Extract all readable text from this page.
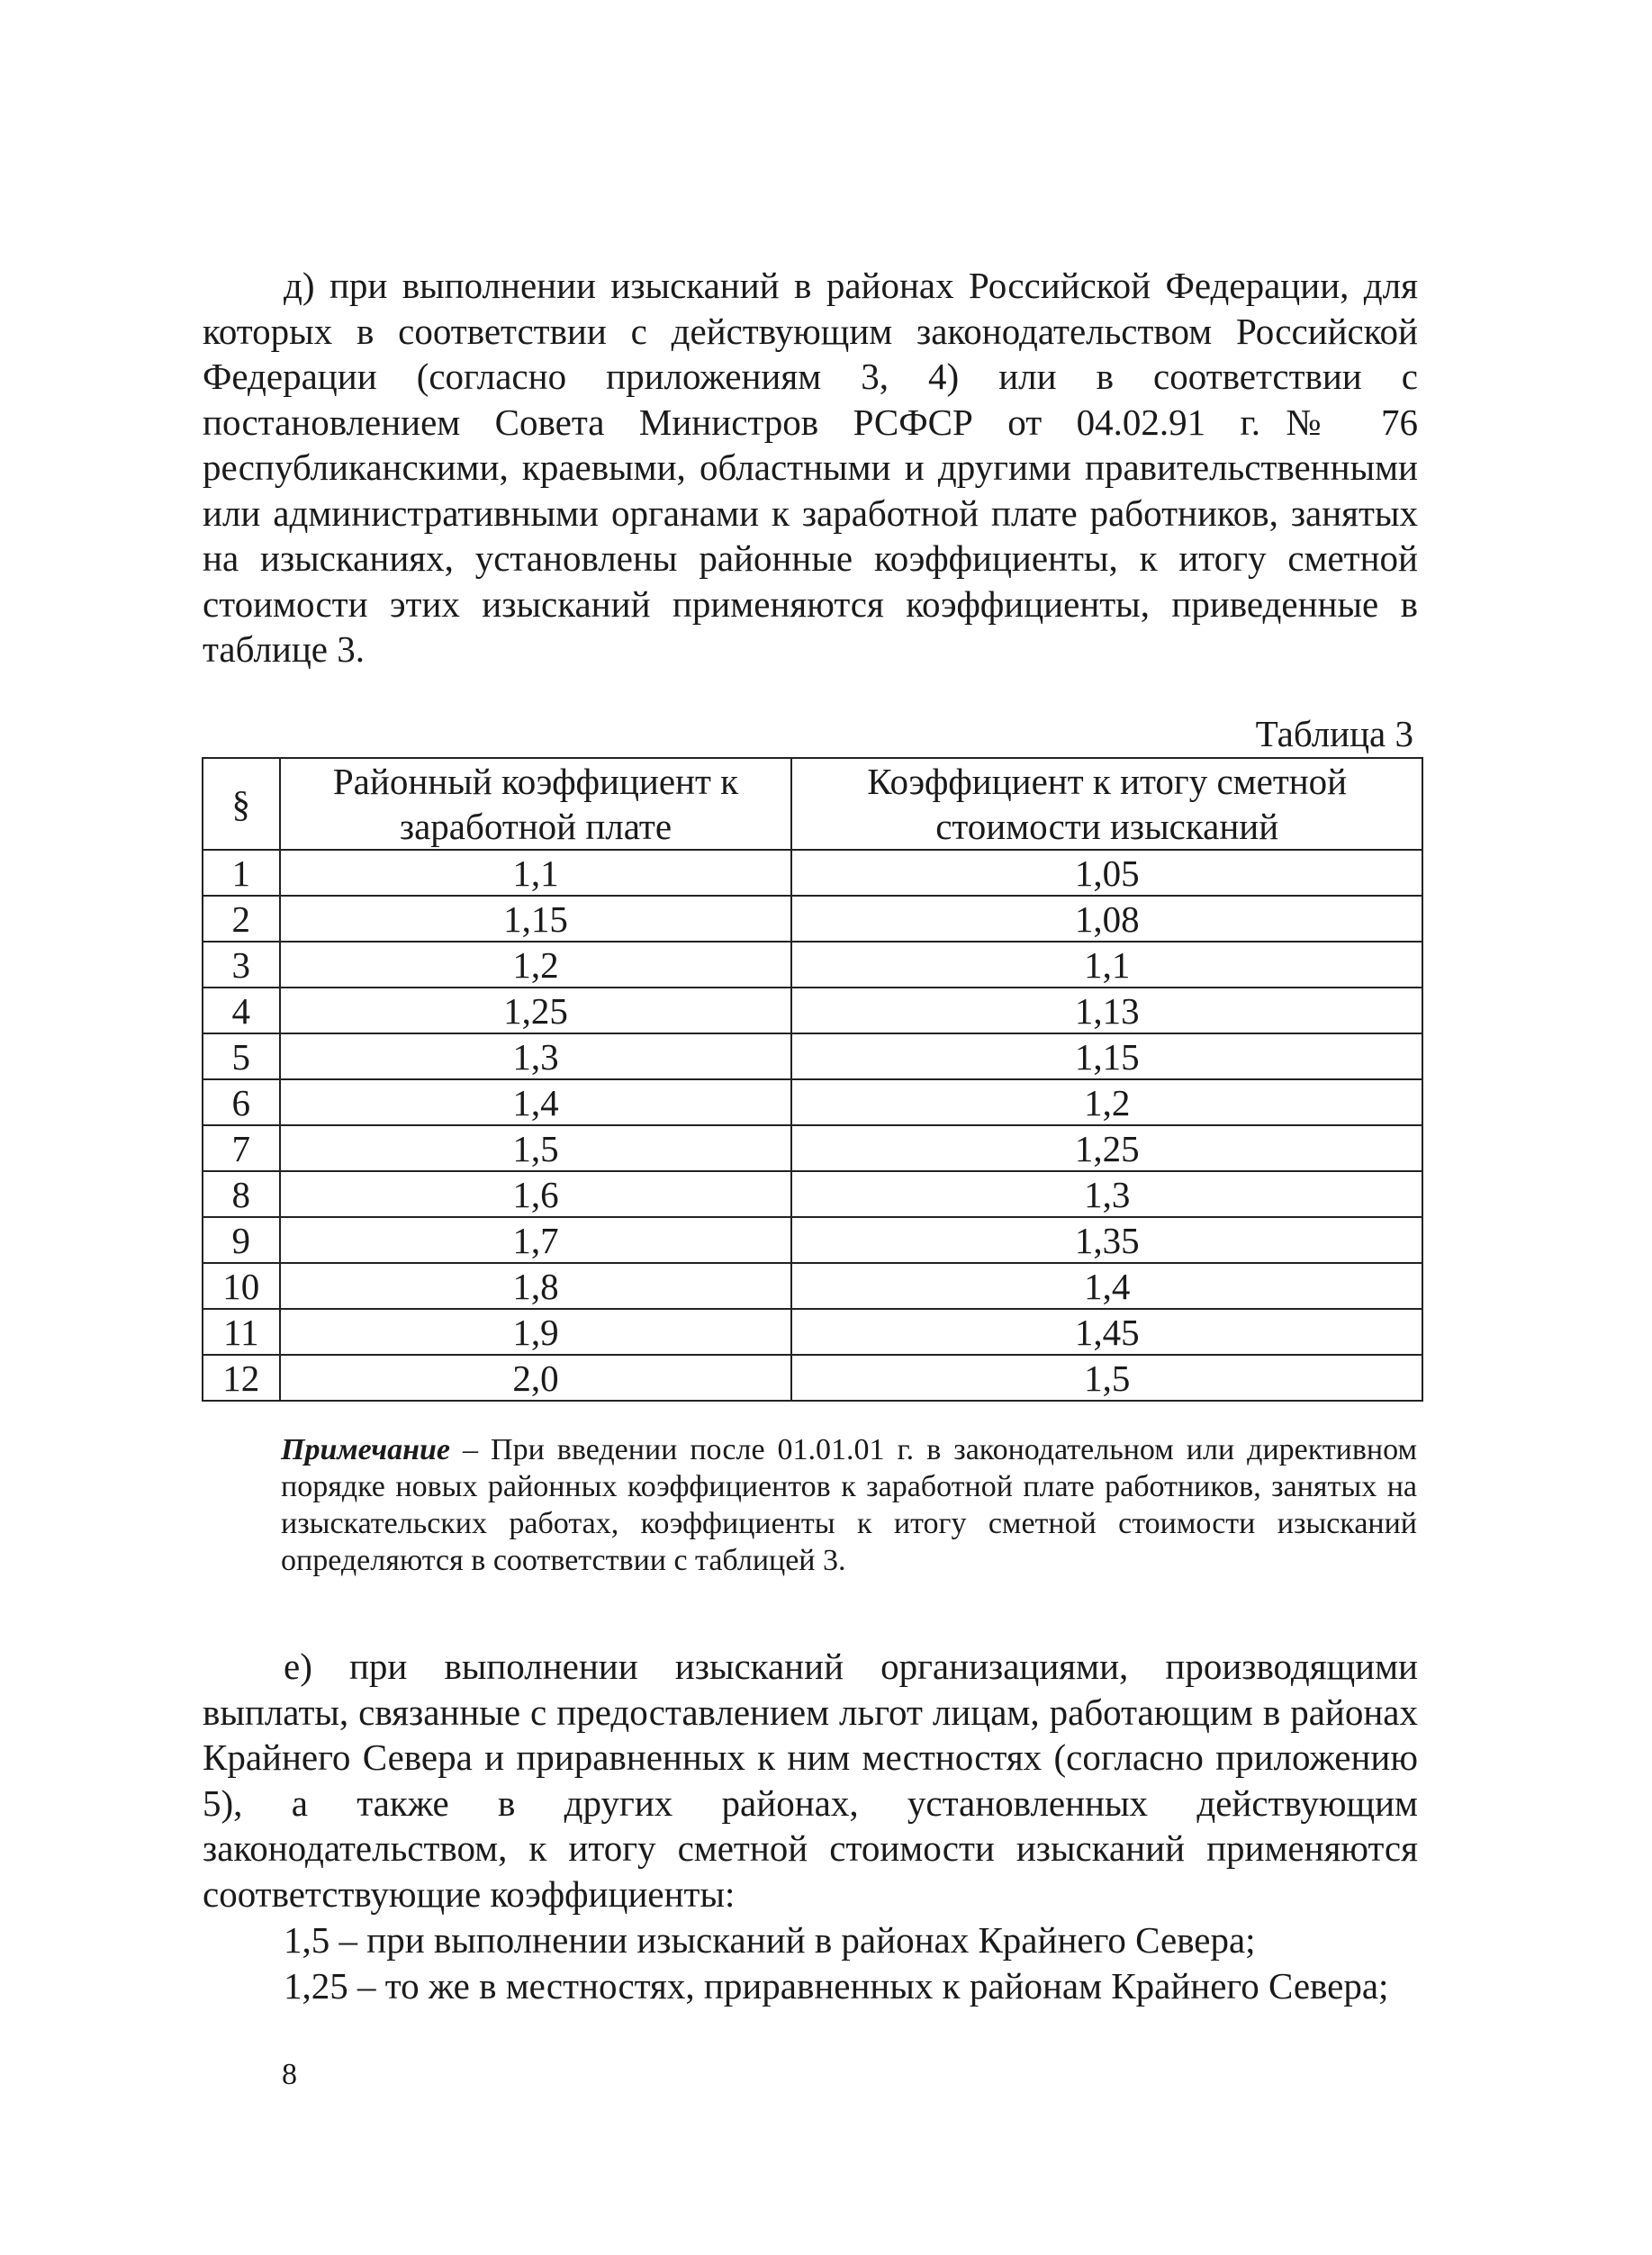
д) при выполнении изысканий в районах Российской Федерации, для которых в соответствии с действующим законодательством Российской Федерации (согласно приложениям 3, 4) или в соответствии с постановлением Совета Министров РСФСР от 04.02.91 г.№ 76 республиканскими, краевыми, областными и другими правительственными или административными органами к заработной плате работников, занятых на изысканиях, установлены районные коэффициенты, к итогу сметной стоимости этих изысканий применяются коэффициенты, приведенные в таблице 3.

Таблица 3
§	Районный коэффициент к заработной плате	Коэффициент к итогу сметной стоимости изысканий
1	1,1	1,05
2	1,15	1,08
3	1,2	1,1
4	1,25	1,13
5	1,3	1,15
6	1,4	1,2
7	1,5	1,25
8	1,6	1,3
9	1,7	1,35
10	1,8	1,4
11	1,9	1,45
12	2,0	1,5

Примечание – При введении после 01.01.01 г. в законодательном или директивном порядке новых районных коэффициентов к заработной плате работников, занятых на изыскательских работах, коэффициенты к итогу сметной стоимости изысканий определяются в соответствии с таблицей 3.

е) при выполнении изысканий организациями, производящими выплаты, связанные с предоставлением льгот лицам, работающим в районах Крайнего Севера и приравненных к ним местностях (согласно приложению 5), а также в других районах, установленных действующим законодательством, к итогу сметной стоимости изысканий применяются соответствующие коэффициенты:

1,5 – при выполнении изысканий в районах Крайнего Севера;

1,25 – то же в местностях, приравненных к районам Крайнего Севера;

8
